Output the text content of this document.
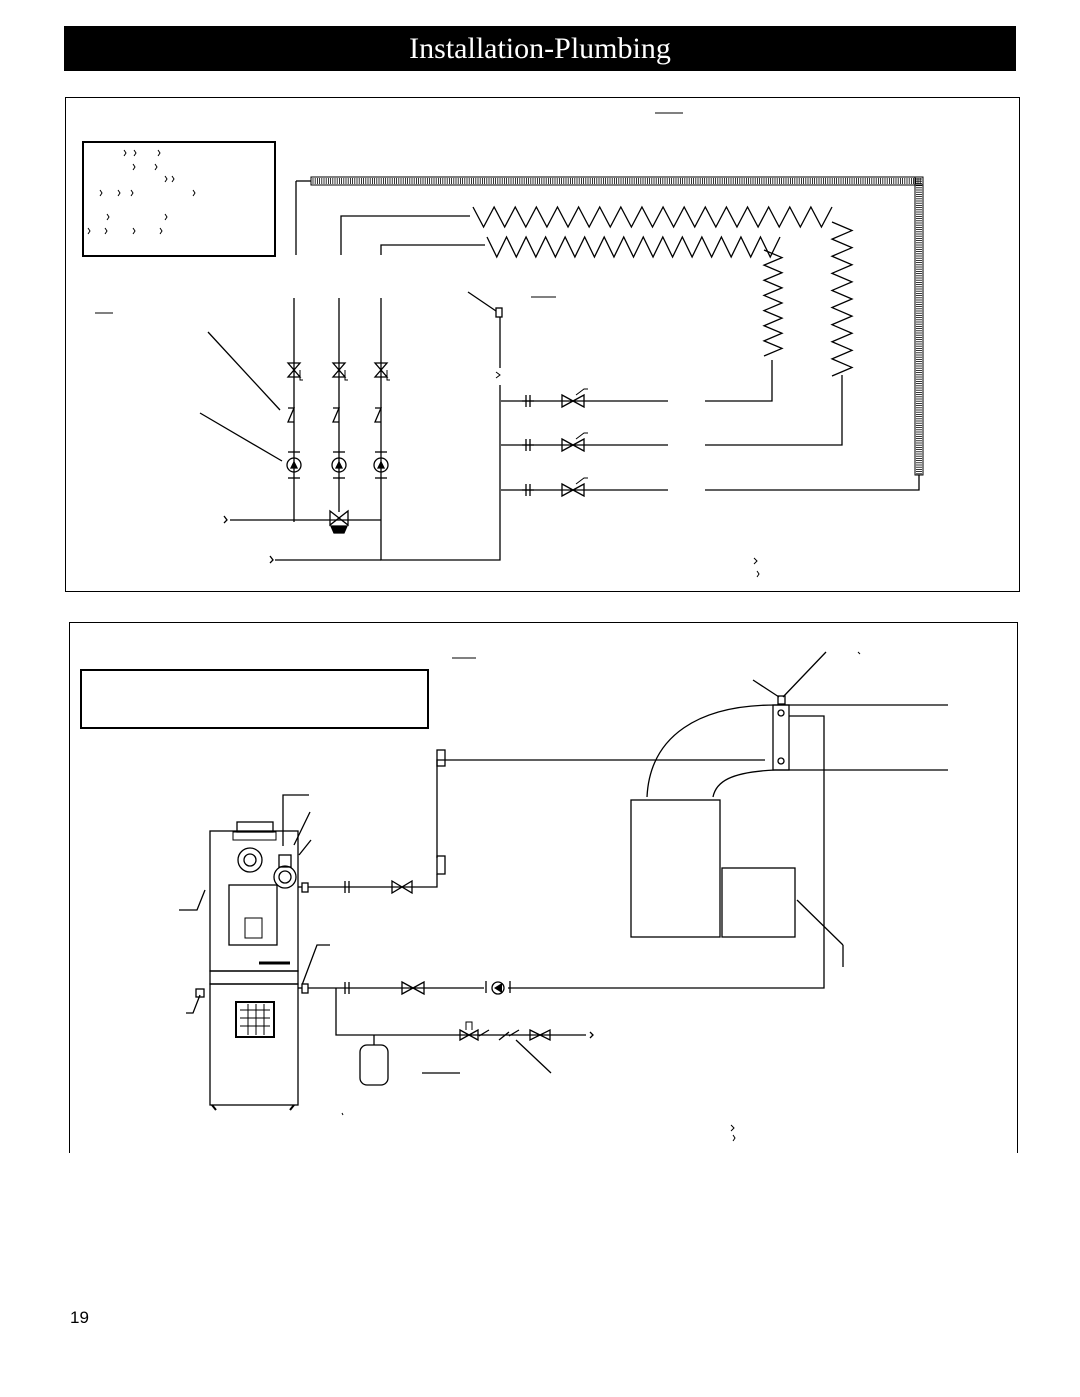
Installation-Plumbing
19
